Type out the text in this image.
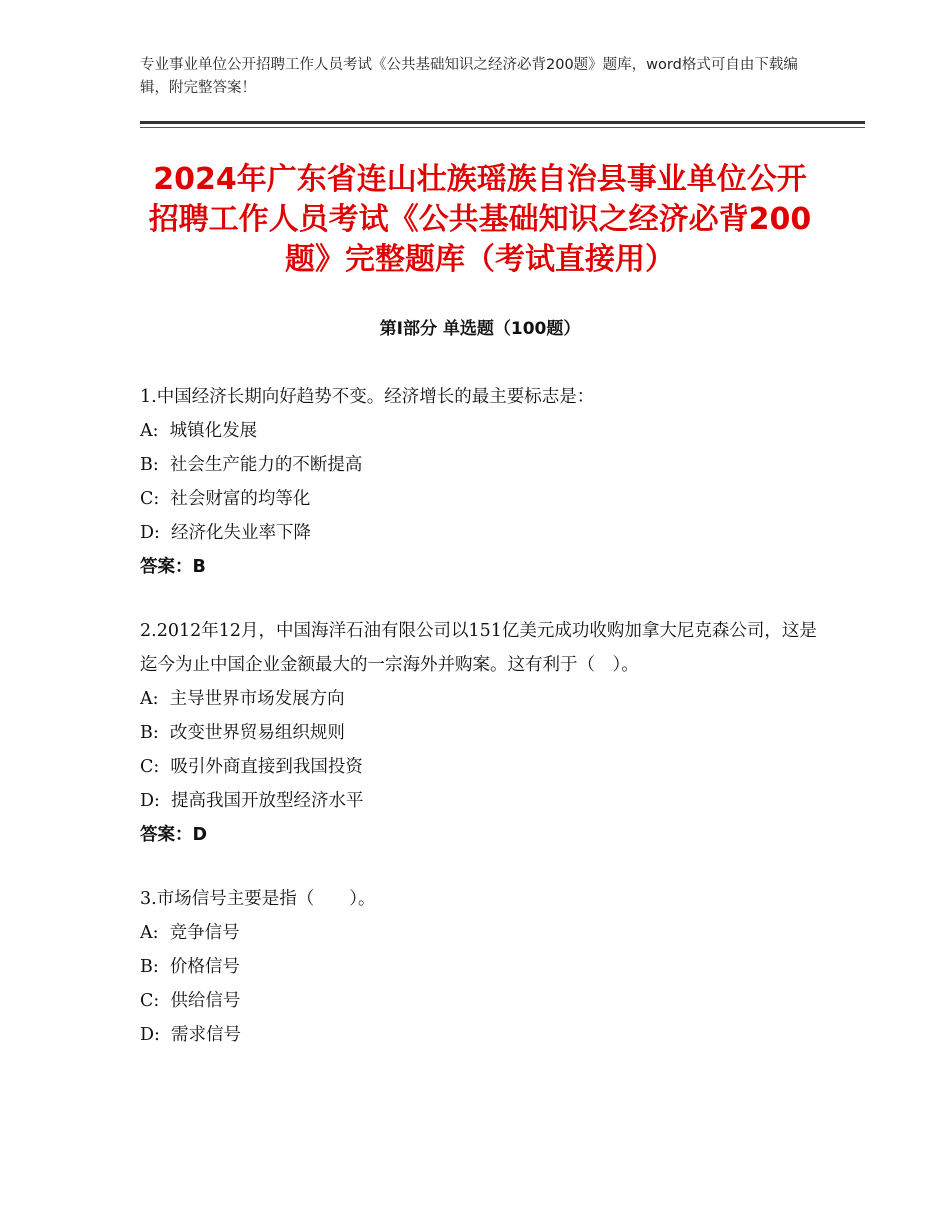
专业事业单位公开招聘工作人员考试《公共基础知识之经济必背200题》题库，word格式可自由下载编辑，附完整答案！
2024年广东省连山壮族瑶族自治县事业单位公开招聘工作人员考试《公共基础知识之经济必背200题》完整题库（考试直接用）
第Ⅰ部分 单选题（100题）

1.中国经济长期向好趋势不变。经济增长的最主要标志是：

A:  城镇化发展

B:  社会生产能力的不断提高

C:  社会财富的均等化

D:  经济化失业率下降

答案：B

2.2012年12月，中国海洋石油有限公司以151亿美元成功收购加拿大尼克森公司，这是迄今为止中国企业金额最大的一宗海外并购案。这有利于（　）。

A:  主导世界市场发展方向

B:  改变世界贸易组织规则

C:  吸引外商直接到我国投资

D:  提高我国开放型经济水平

答案：D

3.市场信号主要是指（　　）。

A:  竞争信号

B:  价格信号

C:  供给信号

D:  需求信号
